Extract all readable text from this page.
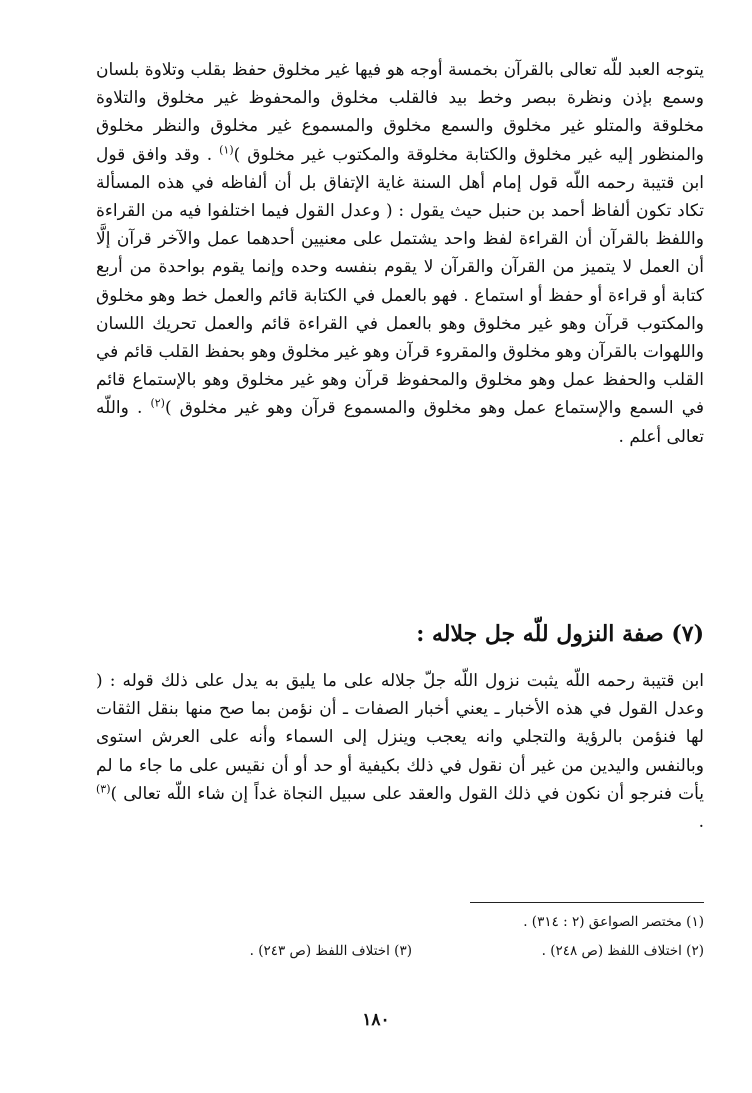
يتوجه العبد للّه تعالى بالقرآن بخمسة أوجه هو فيها غير مخلوق حفظ بقلب وتلاوة بلسان وسمع بإذن ونظرة ببصر وخط بيد فالقلب مخلوق والمحفوظ غير مخلوق والتلاوة مخلوقة والمتلو غير مخلوق والسمع مخلوق والمسموع غير مخلوق والنظر مخلوق والمنظور إليه غير مخلوق والكتابة مخلوقة والمكتوب غير مخلوق )$^{(١)}$ . وقد وافق قول ابن قتيبة رحمه اللّه قول إمام أهل السنة غاية الإتفاق بل أن ألفاظه في هذه المسألة تكاد تكون ألفاظ أحمد بن حنبل حيث يقول : ( وعدل القول فيما اختلفوا فيه من القراءة واللفظ بالقرآن أن القراءة لفظ واحد يشتمل على معنيين أحدهما عمل والآخر قرآن إلَّا أن العمل لا يتميز من القرآن والقرآن لا يقوم بنفسه وحده وإنما يقوم بواحدة من أربع كتابة أو قراءة أو حفظ أو استماع . فهو بالعمل في الكتابة قائم والعمل خط وهو مخلوق والمكتوب قرآن وهو غير مخلوق وهو بالعمل في القراءة قائم والعمل تحريك اللسان واللهوات بالقرآن وهو مخلوق والمقروء قرآن وهو غير مخلوق وهو بحفظ القلب قائم في القلب والحفظ عمل وهو مخلوق والمحفوظ قرآن وهو غير مخلوق وهو بالإستماع قائم في السمع والإستماع عمل وهو مخلوق والمسموع قرآن وهو غير مخلوق )$^{(٢)}$ . واللّه تعالى أعلم .

(٧) صفة النزول للّه جل جلاله :

ابن قتيبة رحمه اللّه يثبت نزول اللّه جلّ جلاله على ما يليق به يدل على ذلك قوله : ( وعدل القول في هذه الأخبار ـ يعني أخبار الصفات ـ أن نؤمن بما صح منها بنقل الثقات لها فنؤمن بالرؤية والتجلي وانه يعجب وينزل إلى السماء وأنه على العرش استوى وبالنفس واليدين من غير أن نقول في ذلك بكيفية أو حد أو أن نقيس على ما جاء ما لم يأت فنرجو أن نكون في ذلك القول والعقد على سبيل النجاة غداً إن شاء اللّه تعالى )$^{(٣)}$ .

(١) مختصر الصواعق (٢ : ٣١٤) .

(٢) اختلاف اللفظ (ص ٢٤٨) .

(٣) اختلاف اللفظ (ص ٢٤٣) .

١٨٠
